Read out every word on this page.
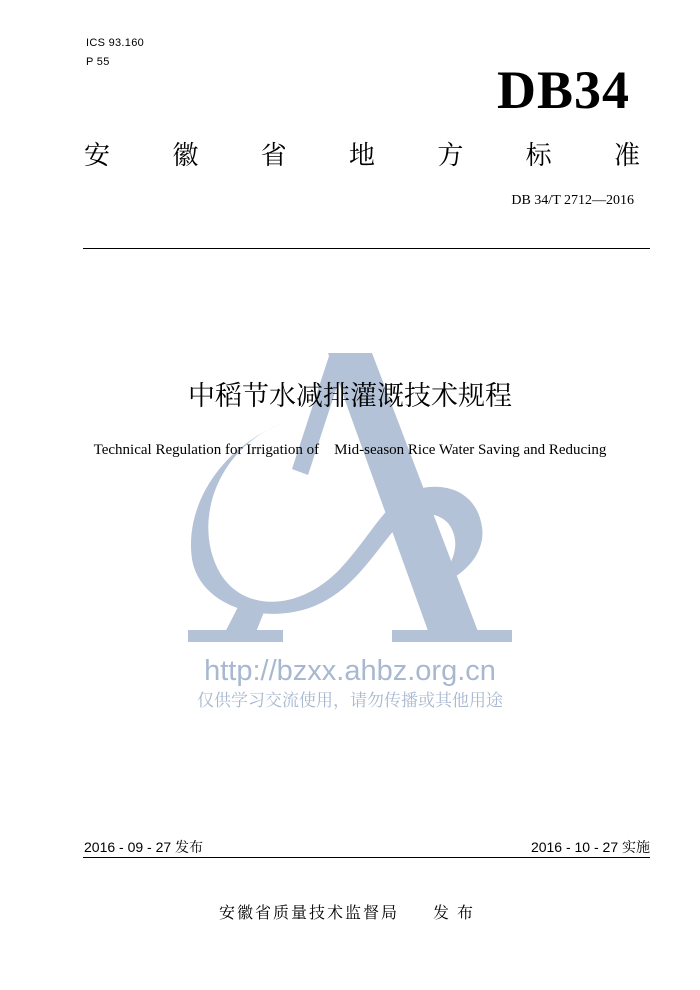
ICS 93.160
P 55	DB34
安 徽 省 地 方 标 准
DB 34/T 2712—2016
中稻节水减排灌溉技术规程
Technical Regulation for Irrigation of    Mid-season Rice Water Saving and Reducing
http://bzxx.ahbz.org.cn
仅供学习交流使用，请勿传播或其他用途
2016 - 09 - 27 发布	2016 - 10 - 27 实施
安徽省质量技术监督局 发布
